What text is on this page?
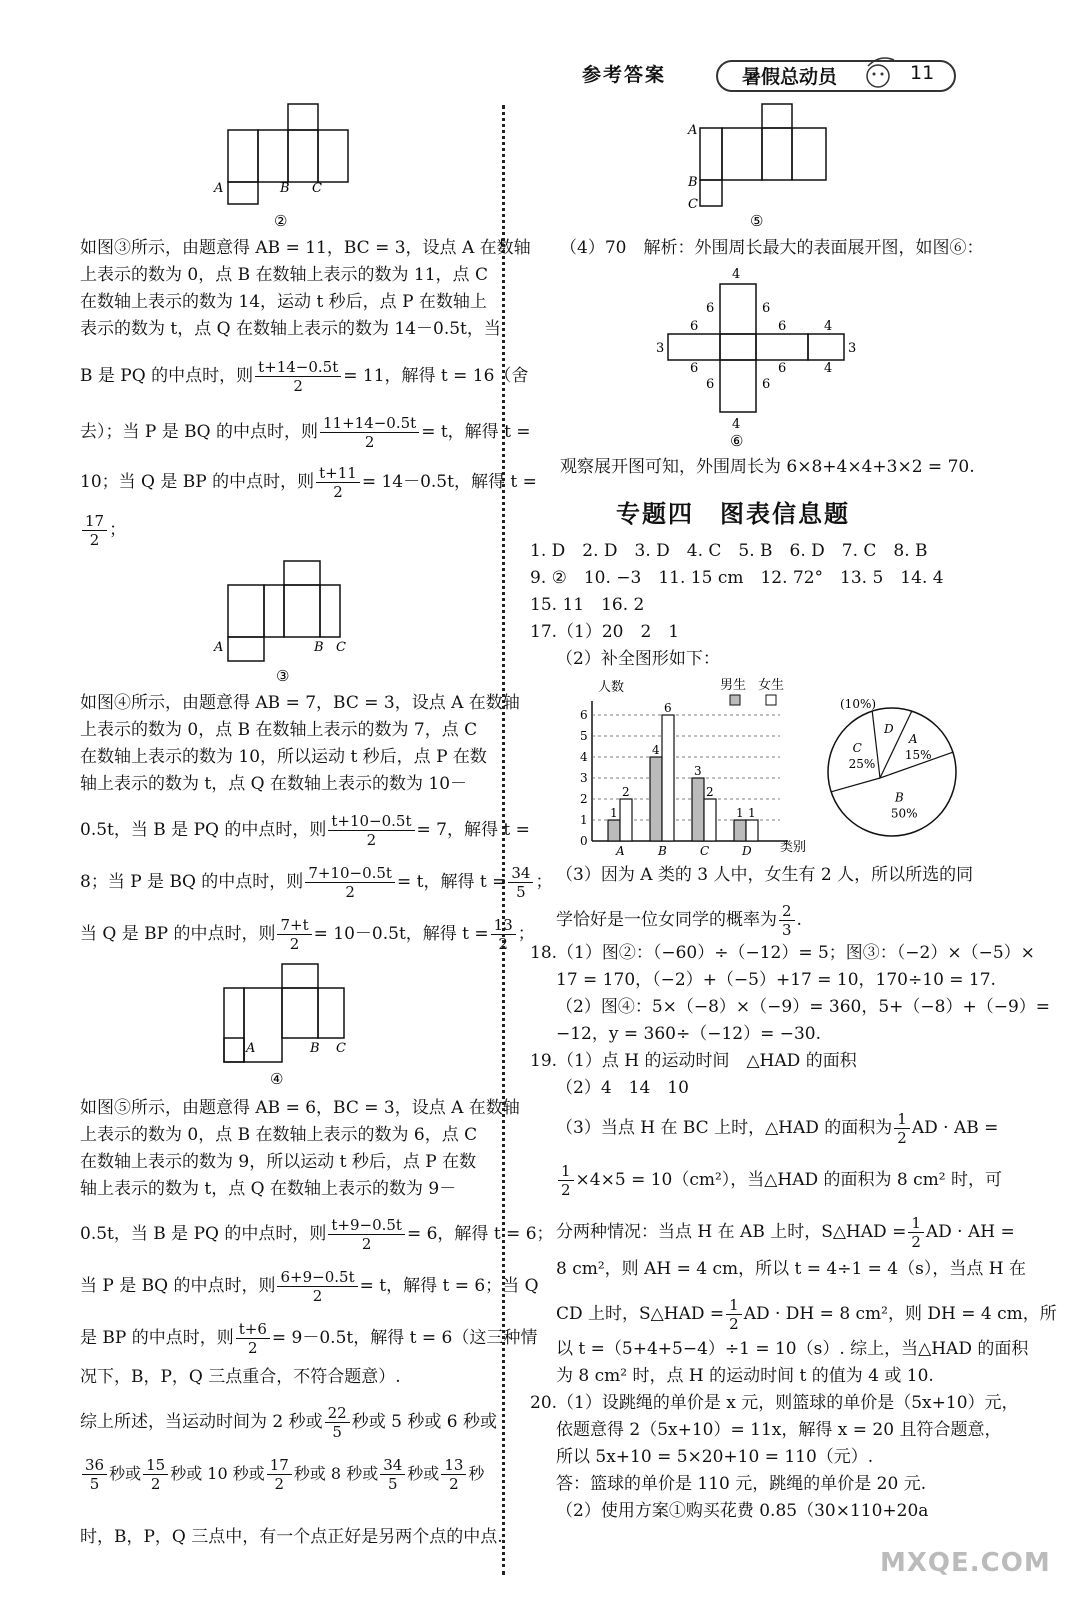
参考答案	暑假总动员	11
A	B C
②
如图③所示，由题意得 AB = 11，BC = 3，设点 A 在数轴
上表示的数为 0，点 B 在数轴上表示的数为 11，点 C
在数轴上表示的数为 14，运动 t 秒后，点 P 在数轴上
表示的数为 t，点 Q 在数轴上表示的数为 14－0.5t，当
B 是 PQ 的中点时，则 $\frac{t+14-0.5t}{2} = 11$，解得 t = 16（舍
去）；当 P 是 BQ 的中点时，则 $\frac{11+14-0.5t}{2} = t$，解得 t =
10；当 Q 是 BP 的中点时，则 $\frac{t+11}{2} = 14-0.5t$，解得 t =
$\frac{17}{2}$ ；
A	B C
③
如图④所示，由题意得 AB = 7，BC = 3，设点 A 在数轴
上表示的数为 0，点 B 在数轴上表示的数为 7，点 C
在数轴上表示的数为 10，所以运动 t 秒后，点 P 在数
轴上表示的数为 t，点 Q 在数轴上表示的数为 10－
0.5t，当 B 是 PQ 的中点时，则 $\frac{t+10-0.5t}{2} = 7$，解得 t =
8；当 P 是 BQ 的中点时，则 $\frac{7+10-0.5t}{2} = t$，解得 $t = \frac{34}{5}$ ；
当 Q 是 BP 的中点时，则 $\frac{7+t}{2} = 10-0.5t$，解得 $t = \frac{13}{2}$ ；
A	B C
④
如图⑤所示，由题意得 AB = 6，BC = 3，设点 A 在数轴
上表示的数为 0，点 B 在数轴上表示的数为 6，点 C
在数轴上表示的数为 9，所以运动 t 秒后，点 P 在数
轴上表示的数为 t，点 Q 在数轴上表示的数为 9－
0.5t，当 B 是 PQ 的中点时，则 $\frac{t+9-0.5t}{2} = 6$，解得 t = 6；
当 P 是 BQ 的中点时，则 $\frac{6+9-0.5t}{2} = t$，解得 t = 6；当 Q
是 BP 的中点时，则 $\frac{t+6}{2} = 9-0.5t$，解得 t = 6（这三种情
况下，B，P，Q 三点重合，不符合题意）.
综上所述，当运动时间为 2 秒或 $\frac{22}{5}$ 秒或 5 秒或 6 秒或
$\frac{36}{5}$ 秒或 $\frac{15}{2}$ 秒或 10 秒或 $\frac{17}{2}$ 秒或 8 秒或 $\frac{34}{5}$ 秒或 $\frac{13}{2}$ 秒
时，B，P，Q 三点中，有一个点正好是另两个点的中点.
A
B
C
⑤
（4）70　解析：外围周长最大的表面展开图，如图⑥：
4
6	6
6	6	4
3	3
6	6	4
6	6
4
⑥
观察展开图可知，外围周长为 6×8+4×4+3×2 = 70.
专题四　图表信息题
1. D　2. D　3. D　4. C　5. B　6. D　7. C　8. B
9. ②　10. −3　11. 15 cm　12. 72°　13. 5　14. 4
15. 11　16. 2
17.（1）20　2　1
（2）补全图形如下：
人数
类别
男生 女生
0
1
2
3
4
5
6
1
2
A
4
6
B
3
2
C
1 1
D
A
15%
B
50%
C
25%
D
(10%)
（3）因为 A 类的 3 人中，女生有 2 人，所以所选的同
学恰好是一位女同学的概率为 $\frac{2}{3}$ .
18.（1）图②：（−60）÷（−12）= 5；图③：（−2）×（−5）×
17 = 170，（−2）+（−5）+17 = 10，170÷10 = 17.
（2）图④：5×（−8）×（−9）= 360，5+（−8）+（−9）=
−12，y = 360÷（−12）= −30.
19.（1）点 H 的运动时间　△HAD 的面积
（2）4　14　10
（3）当点 H 在 BC 上时，△HAD 的面积为 $\frac{1}{2}$ AD · AB =
$\frac{1}{2} \times 4\times 5 = 10(cm^2)$，当△HAD 的面积为 8 cm² 时，可
分两种情况：当点 H 在 AB 上时，S△HAD = $\frac{1}{2}$ AD · AH =
8 cm²，则 AH = 4 cm，所以 t = 4÷1 = 4（s），当点 H 在
CD 上时，S△HAD = $\frac{1}{2}$ AD · DH = 8 cm²，则 DH = 4 cm，所
以 t =（5+4+5−4）÷1 = 10（s）. 综上，当△HAD 的面积
为 8 cm² 时，点 H 的运动时间 t 的值为 4 或 10.
20.（1）设跳绳的单价是 x 元，则篮球的单价是（5x+10）元，
依题意得 2（5x+10）= 11x，解得 x = 20 且符合题意，
所以 5x+10 = 5×20+10 = 110（元）.
答：篮球的单价是 110 元，跳绳的单价是 20 元.
（2）使用方案①购买花费 0.85（30×110+20a
MXQE.COM
